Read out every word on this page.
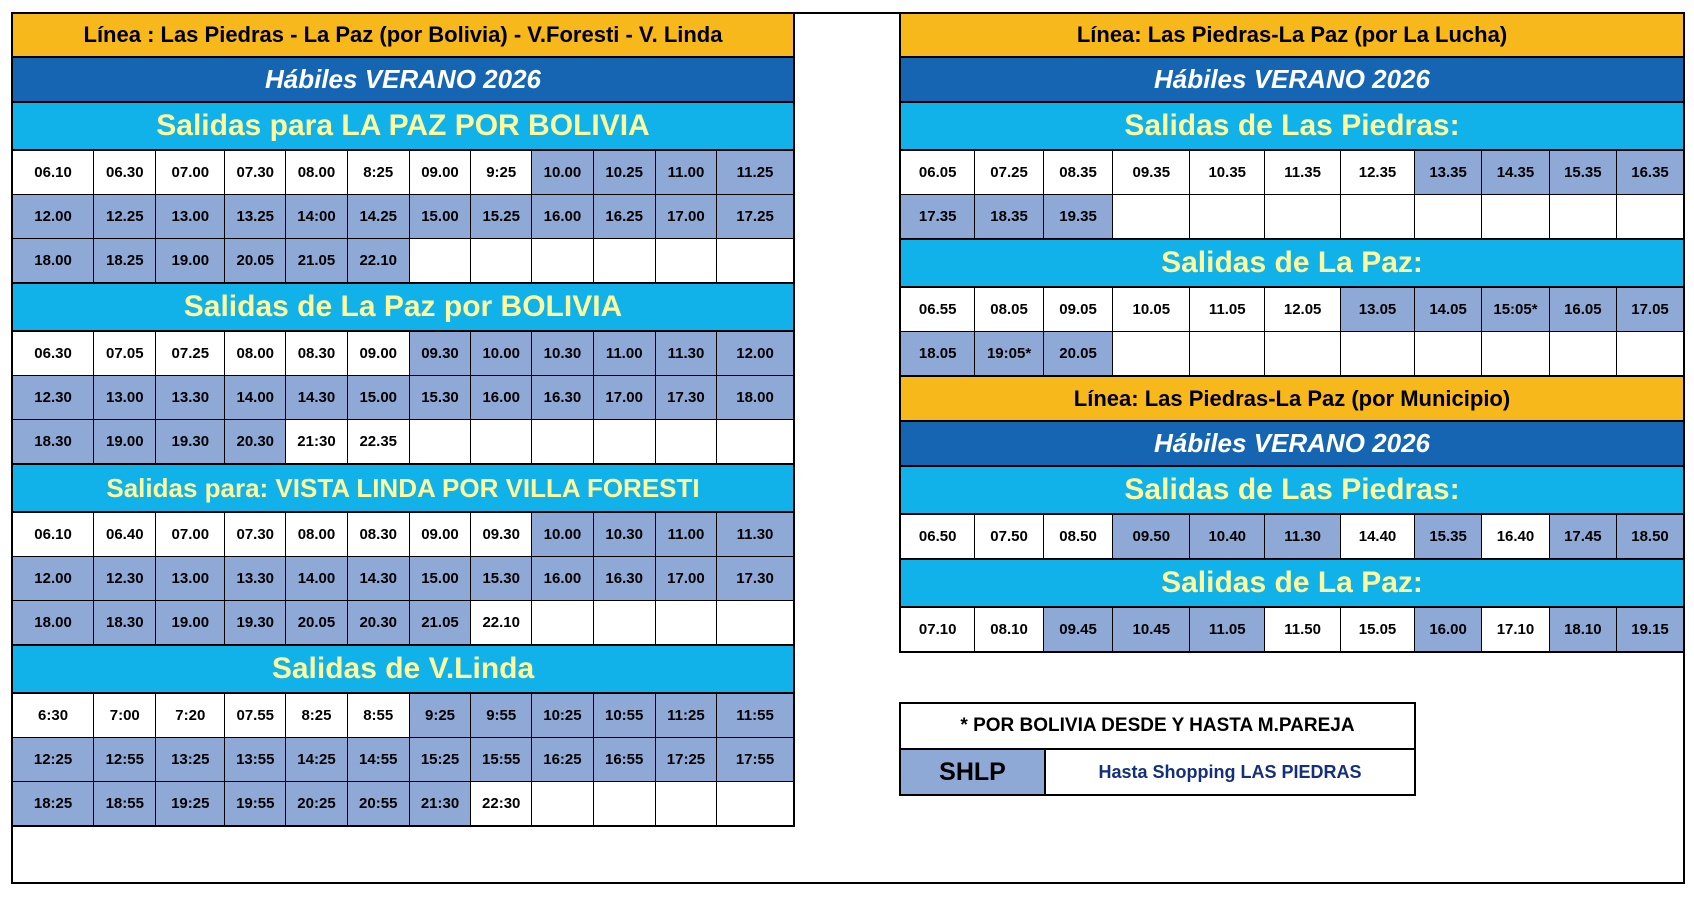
Línea : Las Piedras - La Paz (por Bolivia) - V.Foresti - V. Linda
Hábiles VERANO 2026
Salidas para LA PAZ POR BOLIVIA
06.10	06.30	07.00	07.30	08.00	8:25	09.00	9:25	10.00	10.25	11.00	11.25
12.00	12.25	13.00	13.25	14:00	14.25	15.00	15.25	16.00	16.25	17.00	17.25
18.00	18.25	19.00	20.05	21.05	22.10						
Salidas de La Paz por BOLIVIA
06.30	07.05	07.25	08.00	08.30	09.00	09.30	10.00	10.30	11.00	11.30	12.00
12.30	13.00	13.30	14.00	14.30	15.00	15.30	16.00	16.30	17.00	17.30	18.00
18.30	19.00	19.30	20.30	21:30	22.35						
Salidas para: VISTA LINDA POR VILLA FORESTI
06.10	06.40	07.00	07.30	08.00	08.30	09.00	09.30	10.00	10.30	11.00	11.30
12.00	12.30	13.00	13.30	14.00	14.30	15.00	15.30	16.00	16.30	17.00	17.30
18.00	18.30	19.00	19.30	20.05	20.30	21.05	22.10				
Salidas de V.Linda
6:30	7:00	7:20	07.55	8:25	8:55	9:25	9:55	10:25	10:55	11:25	11:55
12:25	12:55	13:25	13:55	14:25	14:55	15:25	15:55	16:25	16:55	17:25	17:55
18:25	18:55	19:25	19:55	20:25	20:55	21:30	22:30				
Línea: Las Piedras-La Paz (por La Lucha)
Hábiles VERANO 2026
Salidas de Las Piedras:
06.05	07.25	08.35	09.35	10.35	11.35	12.35	13.35	14.35	15.35	16.35
17.35	18.35	19.35								
Salidas de La Paz:
06.55	08.05	09.05	10.05	11.05	12.05	13.05	14.05	15:05*	16.05	17.05
18.05	19:05*	20.05								
Línea: Las Piedras-La Paz (por Municipio)
Hábiles VERANO 2026
Salidas de Las Piedras:
06.50	07.50	08.50	09.50	10.40	11.30	14.40	15.35	16.40	17.45	18.50
Salidas de La Paz:
07.10	08.10	09.45	10.45	11.05	11.50	15.05	16.00	17.10	18.10	19.15
* POR BOLIVIA DESDE Y HASTA M.PAREJA
SHLP	Hasta Shopping LAS PIEDRAS
